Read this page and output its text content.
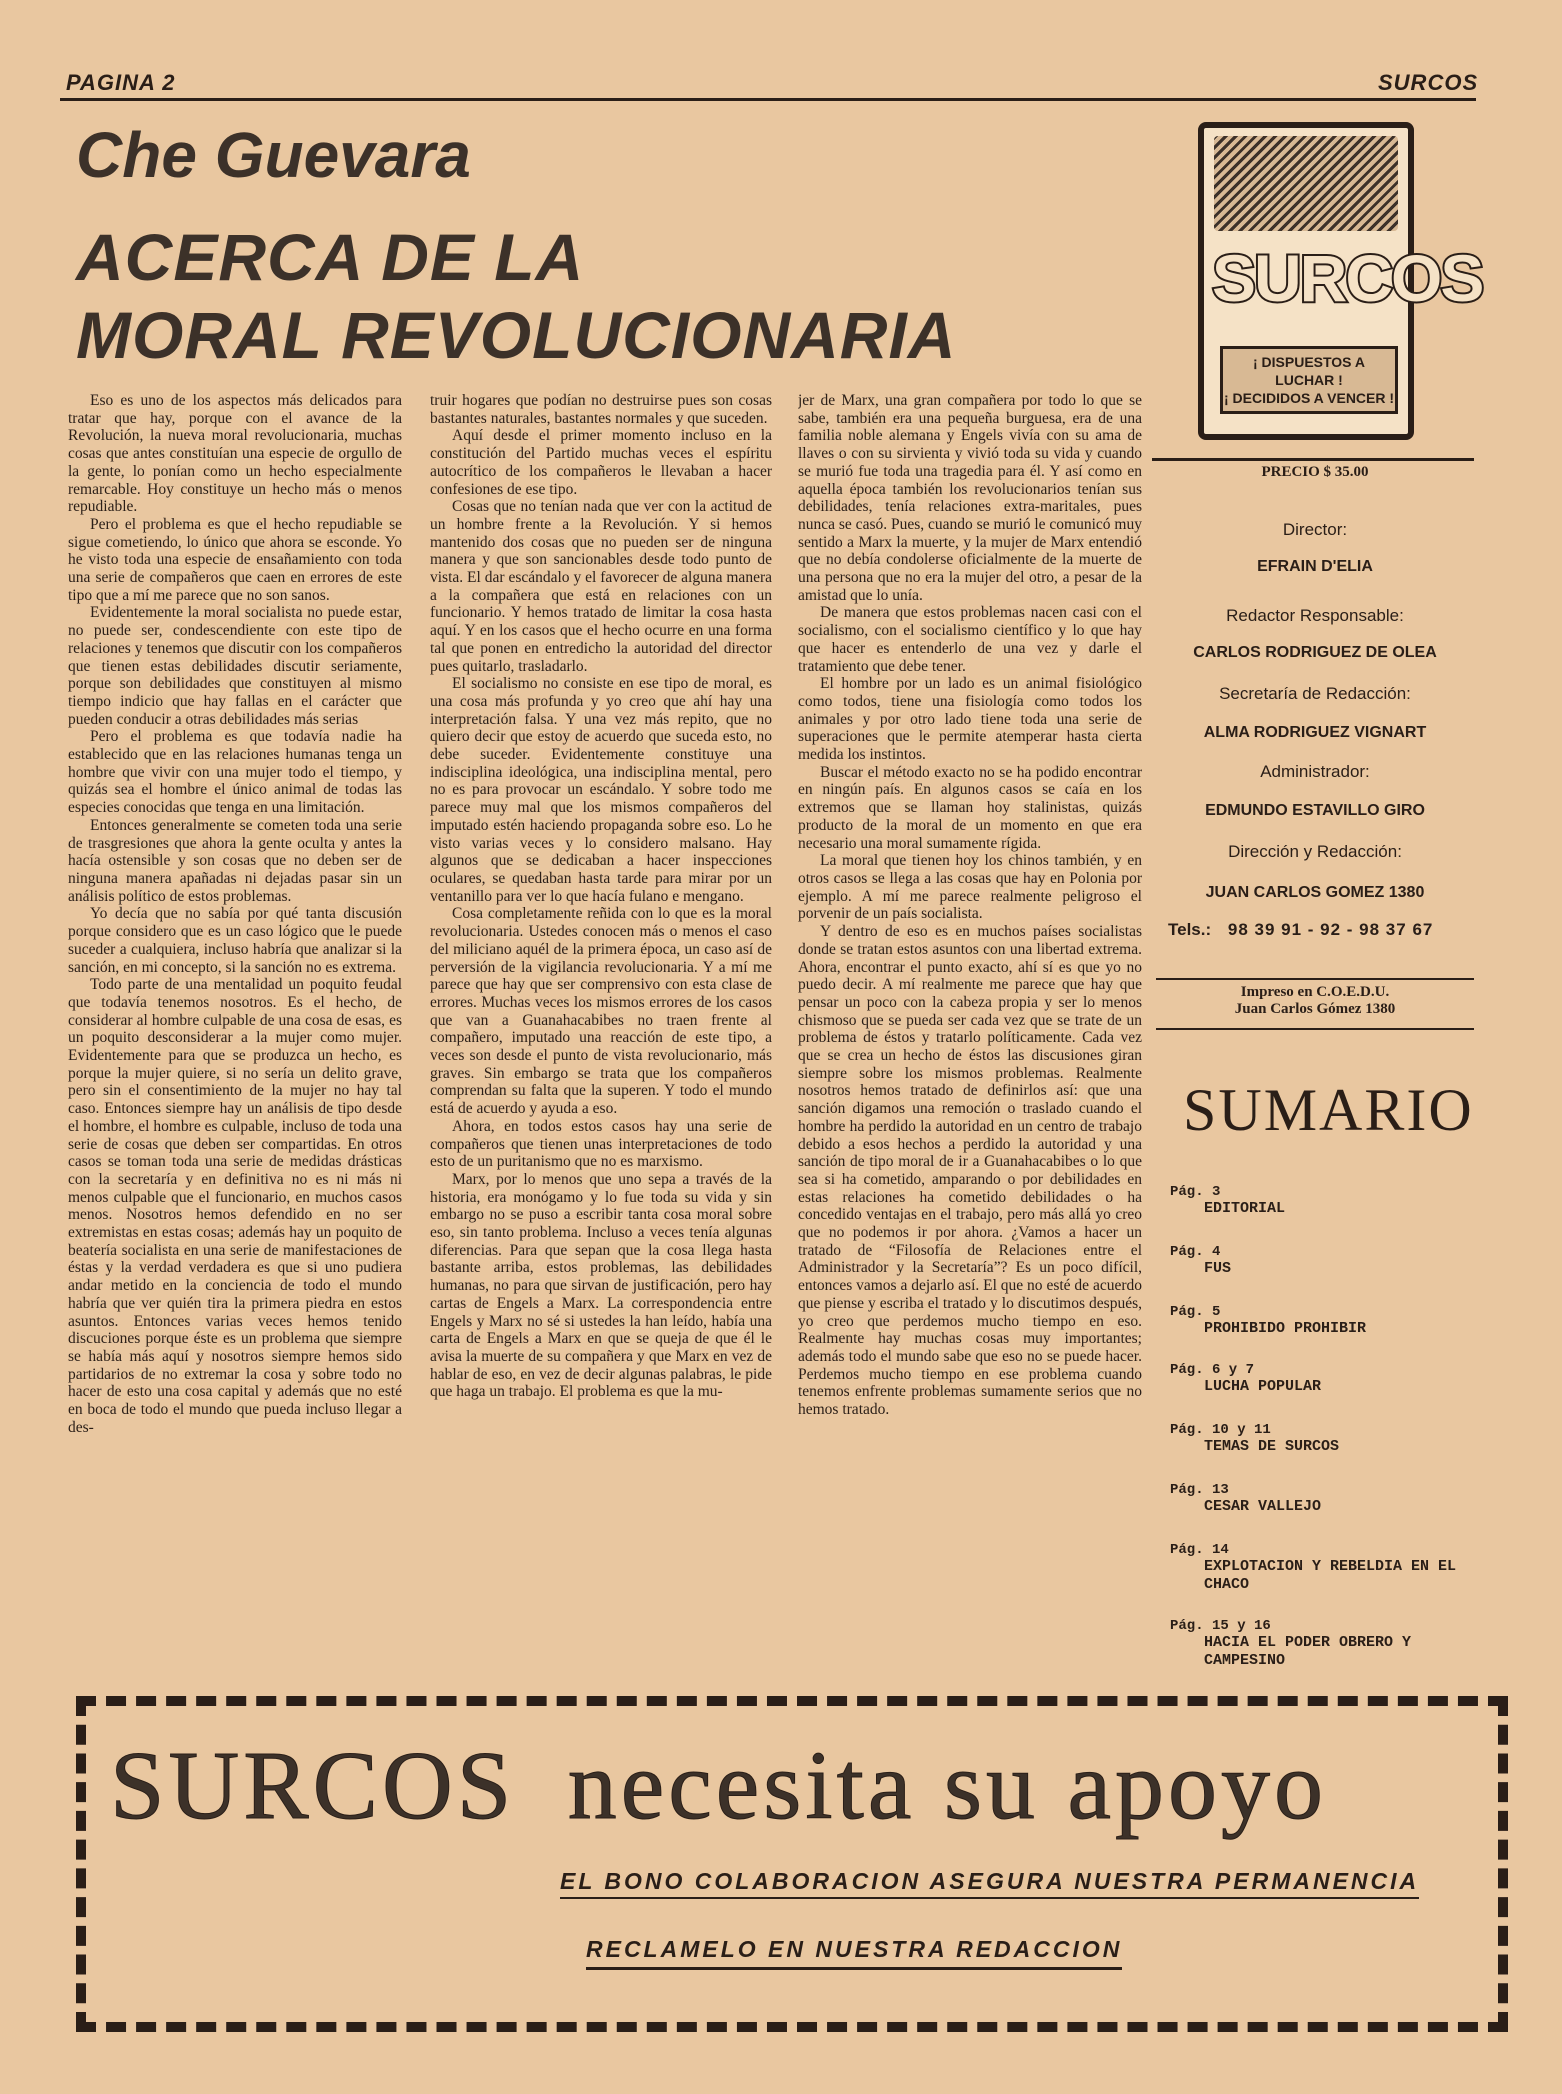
PAGINA 2	SURCOS
Che Guevara
ACERCA DE LA
MORAL REVOLUCIONARIA

Eso es uno de los aspectos más delicados para tratar que hay, porque con el avance de la Revolución, la nueva moral revolucionaria, muchas cosas que antes constituían una especie de orgullo de la gente, lo ponían como un hecho especialmente remarcable. Hoy constituye un hecho más o menos repudiable.

Pero el problema es que el hecho repudiable se sigue cometiendo, lo único que ahora se esconde. Yo he visto toda una especie de ensañamiento con toda una serie de compañeros que caen en errores de este tipo que a mí me parece que no son sanos.

Evidentemente la moral socialista no puede estar, no puede ser, condescendiente con este tipo de relaciones y tenemos que discutir con los compañeros que tienen estas debilidades discutir seriamente, porque son debilidades que constituyen al mismo tiempo indicio que hay fallas en el carácter que pueden conducir a otras debilidades más serias

Pero el problema es que todavía nadie ha establecido que en las relaciones humanas tenga un hombre que vivir con una mujer todo el tiempo, y quizás sea el hombre el único animal de todas las especies conocidas que tenga en una limitación.

Entonces generalmente se cometen toda una serie de trasgresiones que ahora la gente oculta y antes la hacía ostensible y son cosas que no deben ser de ninguna manera apañadas ni dejadas pasar sin un análisis político de estos problemas.

Yo decía que no sabía por qué tanta discusión porque considero que es un caso lógico que le puede suceder a cualquiera, incluso habría que analizar si la sanción, en mi concepto, si la sanción no es extrema.

Todo parte de una mentalidad un poquito feudal que todavía tenemos nosotros. Es el hecho, de considerar al hombre culpable de una cosa de esas, es un poquito desconsiderar a la mujer como mujer. Evidentemente para que se produzca un hecho, es porque la mujer quiere, si no sería un delito grave, pero sin el consentimiento de la mujer no hay tal caso. Entonces siempre hay un análisis de tipo desde el hombre, el hombre es culpable, incluso de toda una serie de cosas que deben ser compartidas. En otros casos se toman toda una serie de medidas drásticas con la secretaría y en definitiva no es ni más ni menos culpable que el funcionario, en muchos casos menos. Nosotros hemos defendido en no ser extremistas en estas cosas; además hay un poquito de beatería socialista en una serie de manifestaciones de éstas y la verdad verdadera es que si uno pudiera andar metido en la conciencia de todo el mundo habría que ver quién tira la primera piedra en estos asuntos. Entonces varias veces hemos tenido discuciones porque éste es un problema que siempre se había más aquí y nosotros siempre hemos sido partidarios de no extremar la cosa y sobre todo no hacer de esto una cosa capital y además que no esté en boca de todo el mundo que pueda incluso llegar a des-

truir hogares que podían no destruirse pues son cosas bastantes naturales, bastantes normales y que suceden.

Aquí desde el primer momento incluso en la constitución del Partido muchas veces el espíritu autocrítico de los compañeros le llevaban a hacer confesiones de ese tipo.

Cosas que no tenían nada que ver con la actitud de un hombre frente a la Revolución. Y si hemos mantenido dos cosas que no pueden ser de ninguna manera y que son sancionables desde todo punto de vista. El dar escándalo y el favorecer de alguna manera a la compañera que está en relaciones con un funcionario. Y hemos tratado de limitar la cosa hasta aquí. Y en los casos que el hecho ocurre en una forma tal que ponen en entredicho la autoridad del director pues quitarlo, trasladarlo.

El socialismo no consiste en ese tipo de moral, es una cosa más profunda y yo creo que ahí hay una interpretación falsa. Y una vez más repito, que no quiero decir que estoy de acuerdo que suceda esto, no debe suceder. Evidentemente constituye una indisciplina ideológica, una indisciplina mental, pero no es para provocar un escándalo. Y sobre todo me parece muy mal que los mismos compañeros del imputado estén haciendo propaganda sobre eso. Lo he visto varias veces y lo considero malsano. Hay algunos que se dedicaban a hacer inspecciones oculares, se quedaban hasta tarde para mirar por un ventanillo para ver lo que hacía fulano e mengano.

Cosa completamente reñida con lo que es la moral revolucionaria. Ustedes conocen más o menos el caso del miliciano aquél de la primera época, un caso así de perversión de la vigilancia revolucionaria. Y a mí me parece que hay que ser comprensivo con esta clase de errores. Muchas veces los mismos errores de los casos que van a Guanahacabibes no traen frente al compañero, imputado una reacción de este tipo, a veces son desde el punto de vista revolucionario, más graves. Sin embargo se trata que los compañeros comprendan su falta que la superen. Y todo el mundo está de acuerdo y ayuda a eso.

Ahora, en todos estos casos hay una serie de compañeros que tienen unas interpretaciones de todo esto de un puritanismo que no es marxismo.

Marx, por lo menos que uno sepa a través de la historia, era monógamo y lo fue toda su vida y sin embargo no se puso a escribir tanta cosa moral sobre eso, sin tanto problema. Incluso a veces tenía algunas diferencias. Para que sepan que la cosa llega hasta bastante arriba, estos problemas, las debilidades humanas, no para que sirvan de justificación, pero hay cartas de Engels a Marx. La correspondencia entre Engels y Marx no sé si ustedes la han leído, había una carta de Engels a Marx en que se queja de que él le avisa la muerte de su compañera y que Marx en vez de hablar de eso, en vez de decir algunas palabras, le pide que haga un trabajo. El problema es que la mu-

jer de Marx, una gran compañera por todo lo que se sabe, también era una pequeña burguesa, era de una familia noble alemana y Engels vivía con su ama de llaves o con su sirvienta y vivió toda su vida y cuando se murió fue toda una tragedia para él. Y así como en aquella época también los revolucionarios tenían sus debilidades, tenía relaciones extra-maritales, pues nunca se casó. Pues, cuando se murió le comunicó muy sentido a Marx la muerte, y la mujer de Marx entendió que no debía condolerse oficialmente de la muerte de una persona que no era la mujer del otro, a pesar de la amistad que lo unía.

De manera que estos problemas nacen casi con el socialismo, con el socialismo científico y lo que hay que hacer es entenderlo de una vez y darle el tratamiento que debe tener.

El hombre por un lado es un animal fisiológico como todos, tiene una fisiología como todos los animales y por otro lado tiene toda una serie de superaciones que le permite atemperar hasta cierta medida los instintos.

Buscar el método exacto no se ha podido encontrar en ningún país. En algunos casos se caía en los extremos que se llaman hoy stalinistas, quizás producto de la moral de un momento en que era necesario una moral sumamente rígida.

La moral que tienen hoy los chinos también, y en otros casos se llega a las cosas que hay en Polonia por ejemplo. A mí me parece realmente peligroso el porvenir de un país socialista.

Y dentro de eso es en muchos países socialistas donde se tratan estos asuntos con una libertad extrema. Ahora, encontrar el punto exacto, ahí sí es que yo no puedo decir. A mí realmente me parece que hay que pensar un poco con la cabeza propia y ser lo menos chismoso que se pueda ser cada vez que se trate de un problema de éstos y tratarlo políticamente. Cada vez que se crea un hecho de éstos las discusiones giran siempre sobre los mismos problemas. Realmente nosotros hemos tratado de definirlos así: que una sanción digamos una remoción o traslado cuando el hombre ha perdido la autoridad en un centro de trabajo debido a esos hechos a perdido la autoridad y una sanción de tipo moral de ir a Guanahacabibes o lo que sea si ha cometido, amparando o por debilidades en estas relaciones ha cometido debilidades o ha concedido ventajas en el trabajo, pero más allá yo creo que no podemos ir por ahora. ¿Vamos a hacer un tratado de “Filosofía de Relaciones entre el Administrador y la Secretaría”? Es un poco difícil, entonces vamos a dejarlo así. El que no esté de acuerdo que piense y escriba el tratado y lo discutimos después, yo creo que perdemos mucho tiempo en eso. Realmente hay muchas cosas muy importantes; además todo el mundo sabe que eso no se puede hacer. Perdemos mucho tiempo en ese problema cuando tenemos enfrente problemas sumamente serios que no hemos tratado.

SURCOS
¡ DISPUESTOS A LUCHAR !
¡ DECIDIDOS A VENCER !
PRECIO $ 35.00
Director:
EFRAIN D'ELIA
Redactor Responsable:
CARLOS RODRIGUEZ DE OLEA
Secretaría de Redacción:
ALMA RODRIGUEZ VIGNART
Administrador:
EDMUNDO ESTAVILLO GIRO
Dirección y Redacción:
JUAN CARLOS GOMEZ 1380
Tels.: 98 39 91 - 92 - 98 37 67
Impreso en C.O.E.D.U.
Juan Carlos Gómez 1380
SUMARIO
Pág. 3
EDITORIAL
Pág. 4
FUS
Pág. 5
PROHIBIDO PROHIBIR
Pág. 6 y 7
LUCHA POPULAR
Pág. 10 y 11
TEMAS DE SURCOS
Pág. 13
CESAR VALLEJO
Pág. 14
EXPLOTACION Y REBELDIA EN EL CHACO
Pág. 15 y 16
HACIA EL PODER OBRERO Y CAMPESINO
SURCOS necesita su apoyo
EL BONO COLABORACION ASEGURA NUESTRA PERMANENCIA
RECLAMELO EN NUESTRA REDACCION
